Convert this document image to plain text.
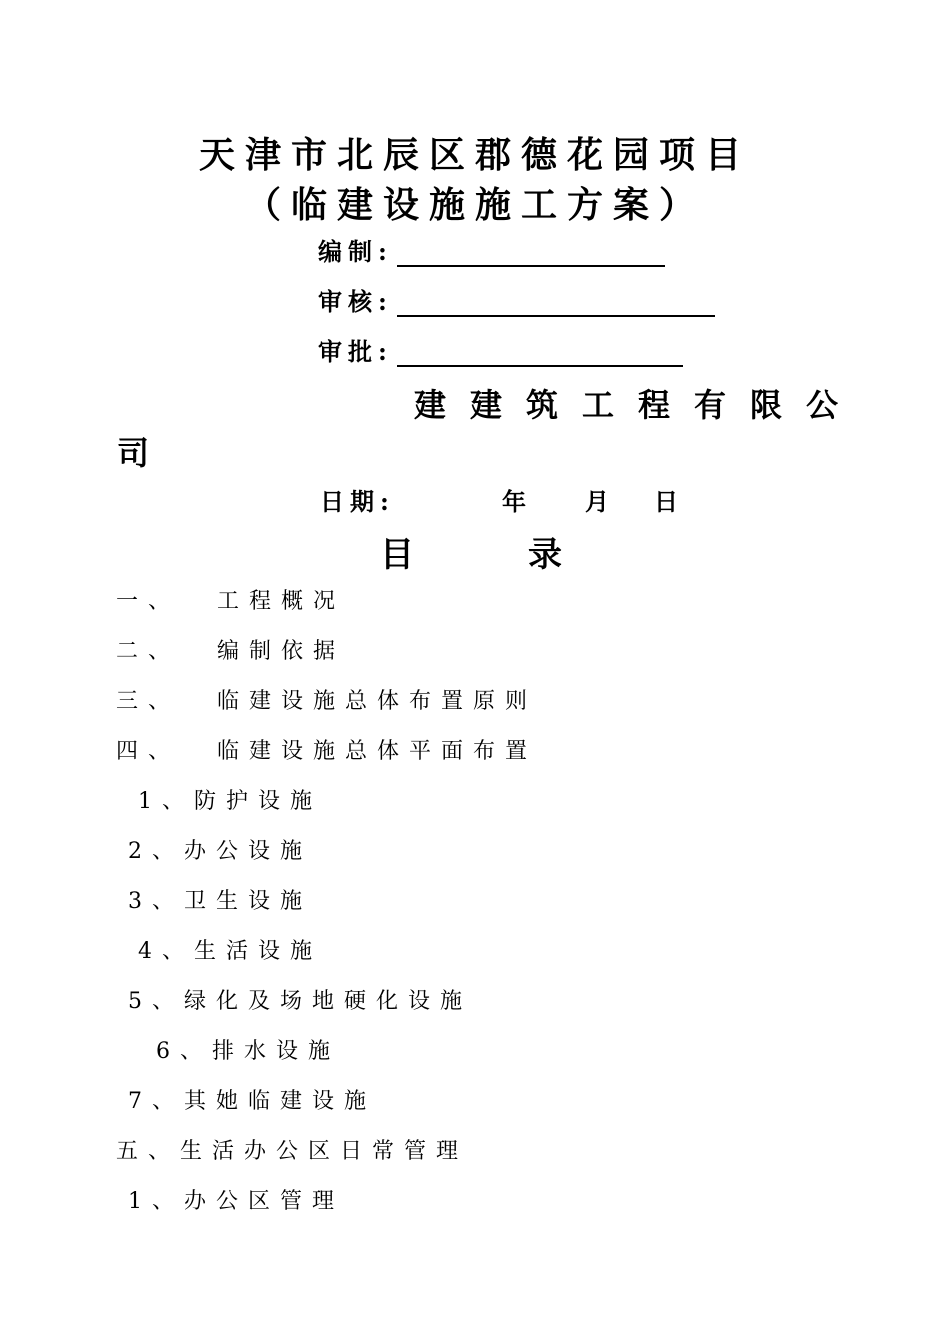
天津市北辰区郡德花园项目
（临建设施施工方案）
编制:
审核:
审批:
建建筑工程有限公
司
日期:	年 月 日
目	录
一、 工程概况
二、 编制依据
三、 临建设施总体布置原则
四、 临建设施总体平面布置
1、防护设施
2、办公设施
3、卫生设施
4、生活设施
5、绿化及场地硬化设施
6、排水设施
7、其她临建设施
五、生活办公区日常管理
1、办公区管理
